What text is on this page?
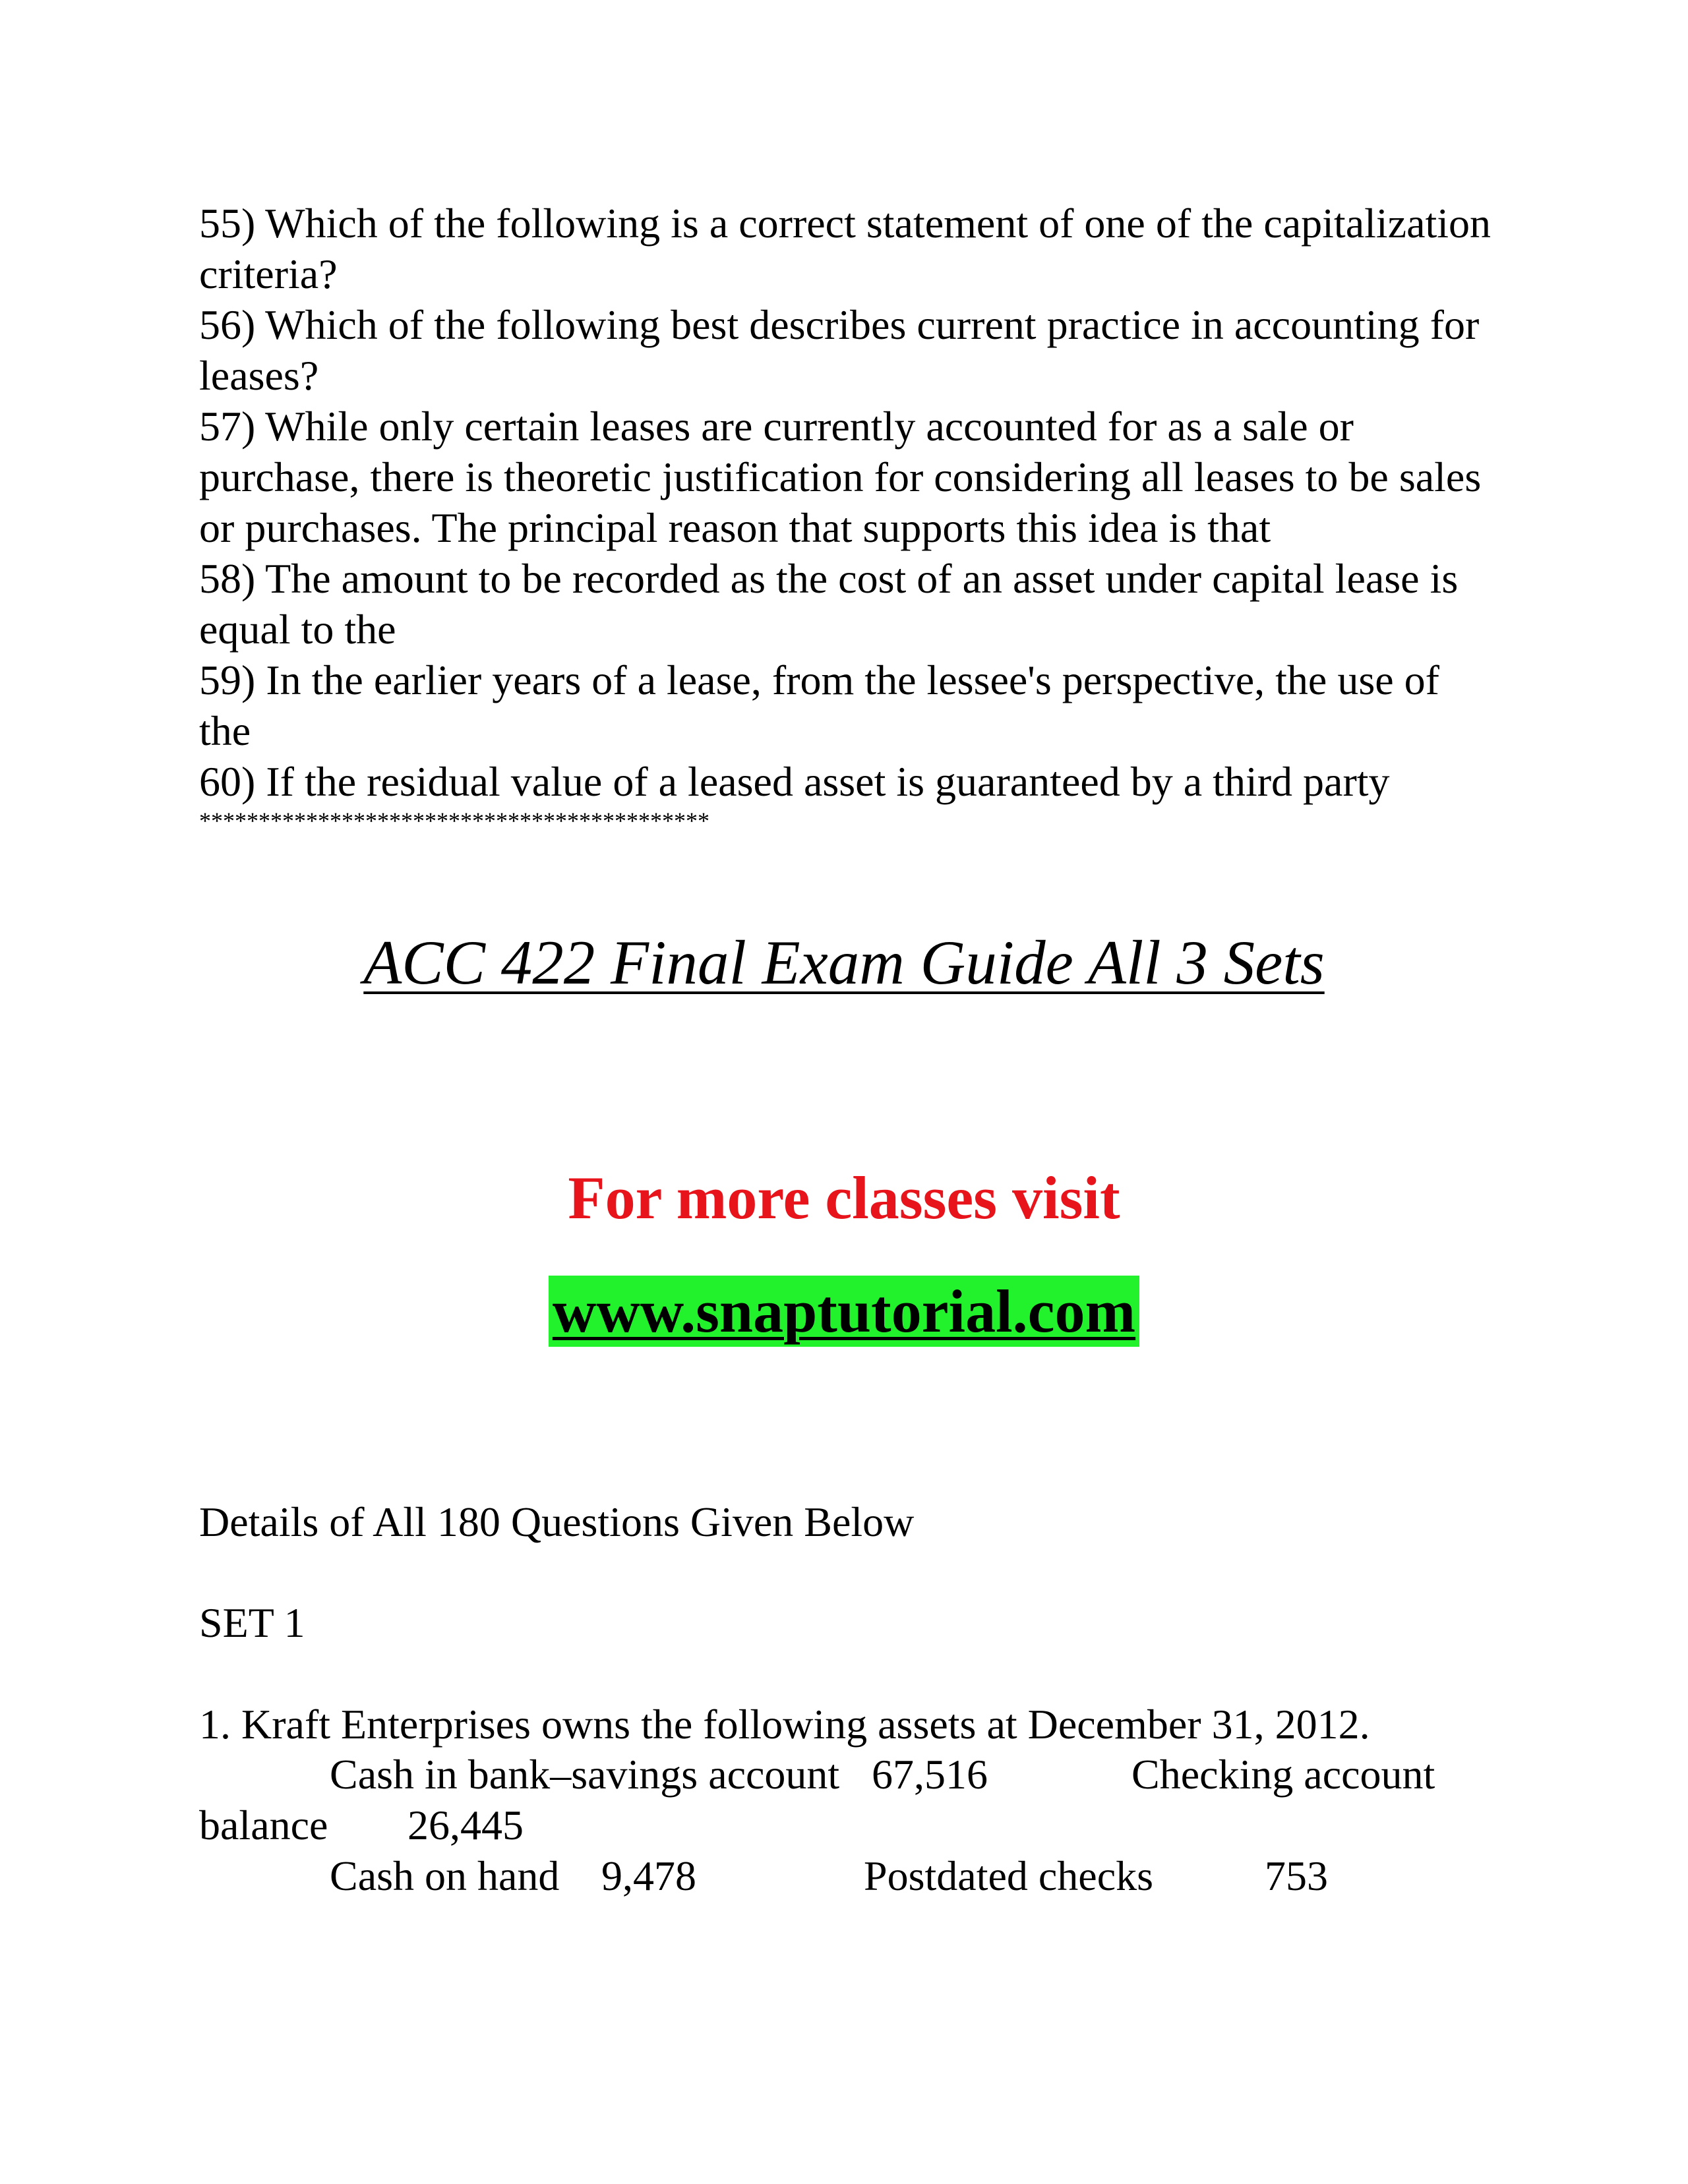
55) Which of the following is a correct statement of one of the capitalization criteria?

56) Which of the following best describes current practice in accounting for leases?

57) While only certain leases are currently accounted for as a sale or purchase, there is theoretic justification for considering all leases to be sales or purchases. The principal reason that supports this idea is that

58) The amount to be recorded as the cost of an asset under capital lease is equal to the

59) In the earlier years of a lease, from the lessee's perspective, the use of the

60) If the residual value of a leased asset is guaranteed by a third party

*******************************************
ACC 422 Final Exam Guide All 3 Sets
For more classes visit
www.snaptutorial.com
Details of All 180 Questions Given Below
SET 1
1. Kraft Enterprises owns the following assets at December 31, 2012.
Cash in bank–savings account 67,516	Checking account
balance 26,445
Cash on hand 9,478	Postdated checks	753
